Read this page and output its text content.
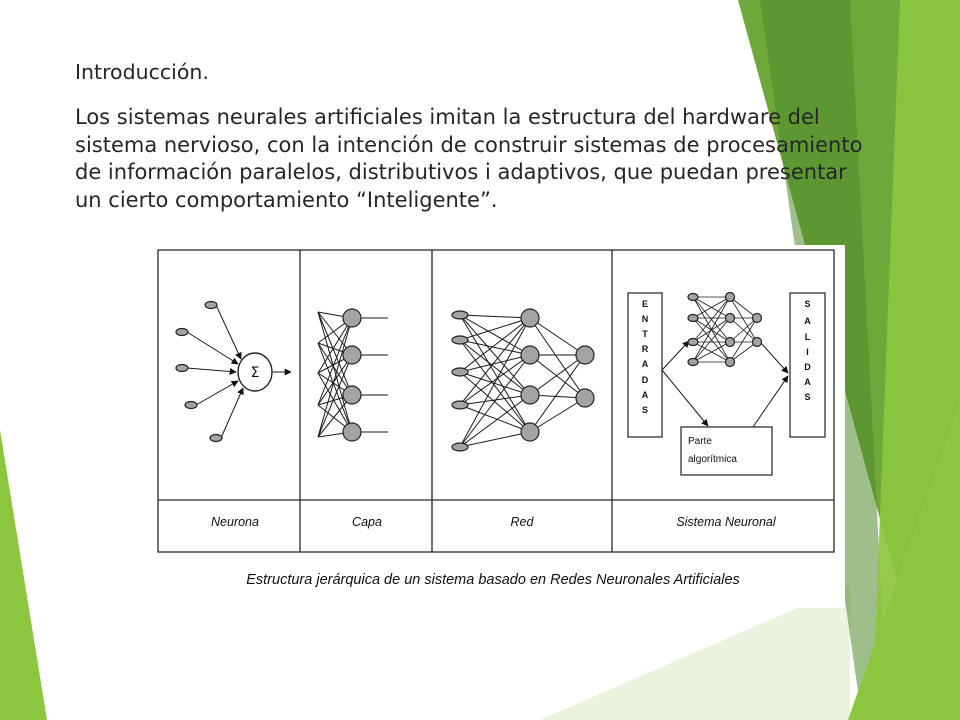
Introducción.
Los sistemas neurales artificiales imitan la estructura del hardware del
sistema nervioso, con la intención de construir sistemas de procesamiento
de información paralelos, distributivos i adaptivos, que puedan presentar
un cierto comportamiento “Inteligente”.
Σ
Parte
algorítmica
E
N
T
R
A
D
A
S
S
A
L
I
D
A
S
Neurona	Capa	Red	Sistema Neuronal
Estructura jerárquica de un sistema basado en Redes Neuronales Artificiales
